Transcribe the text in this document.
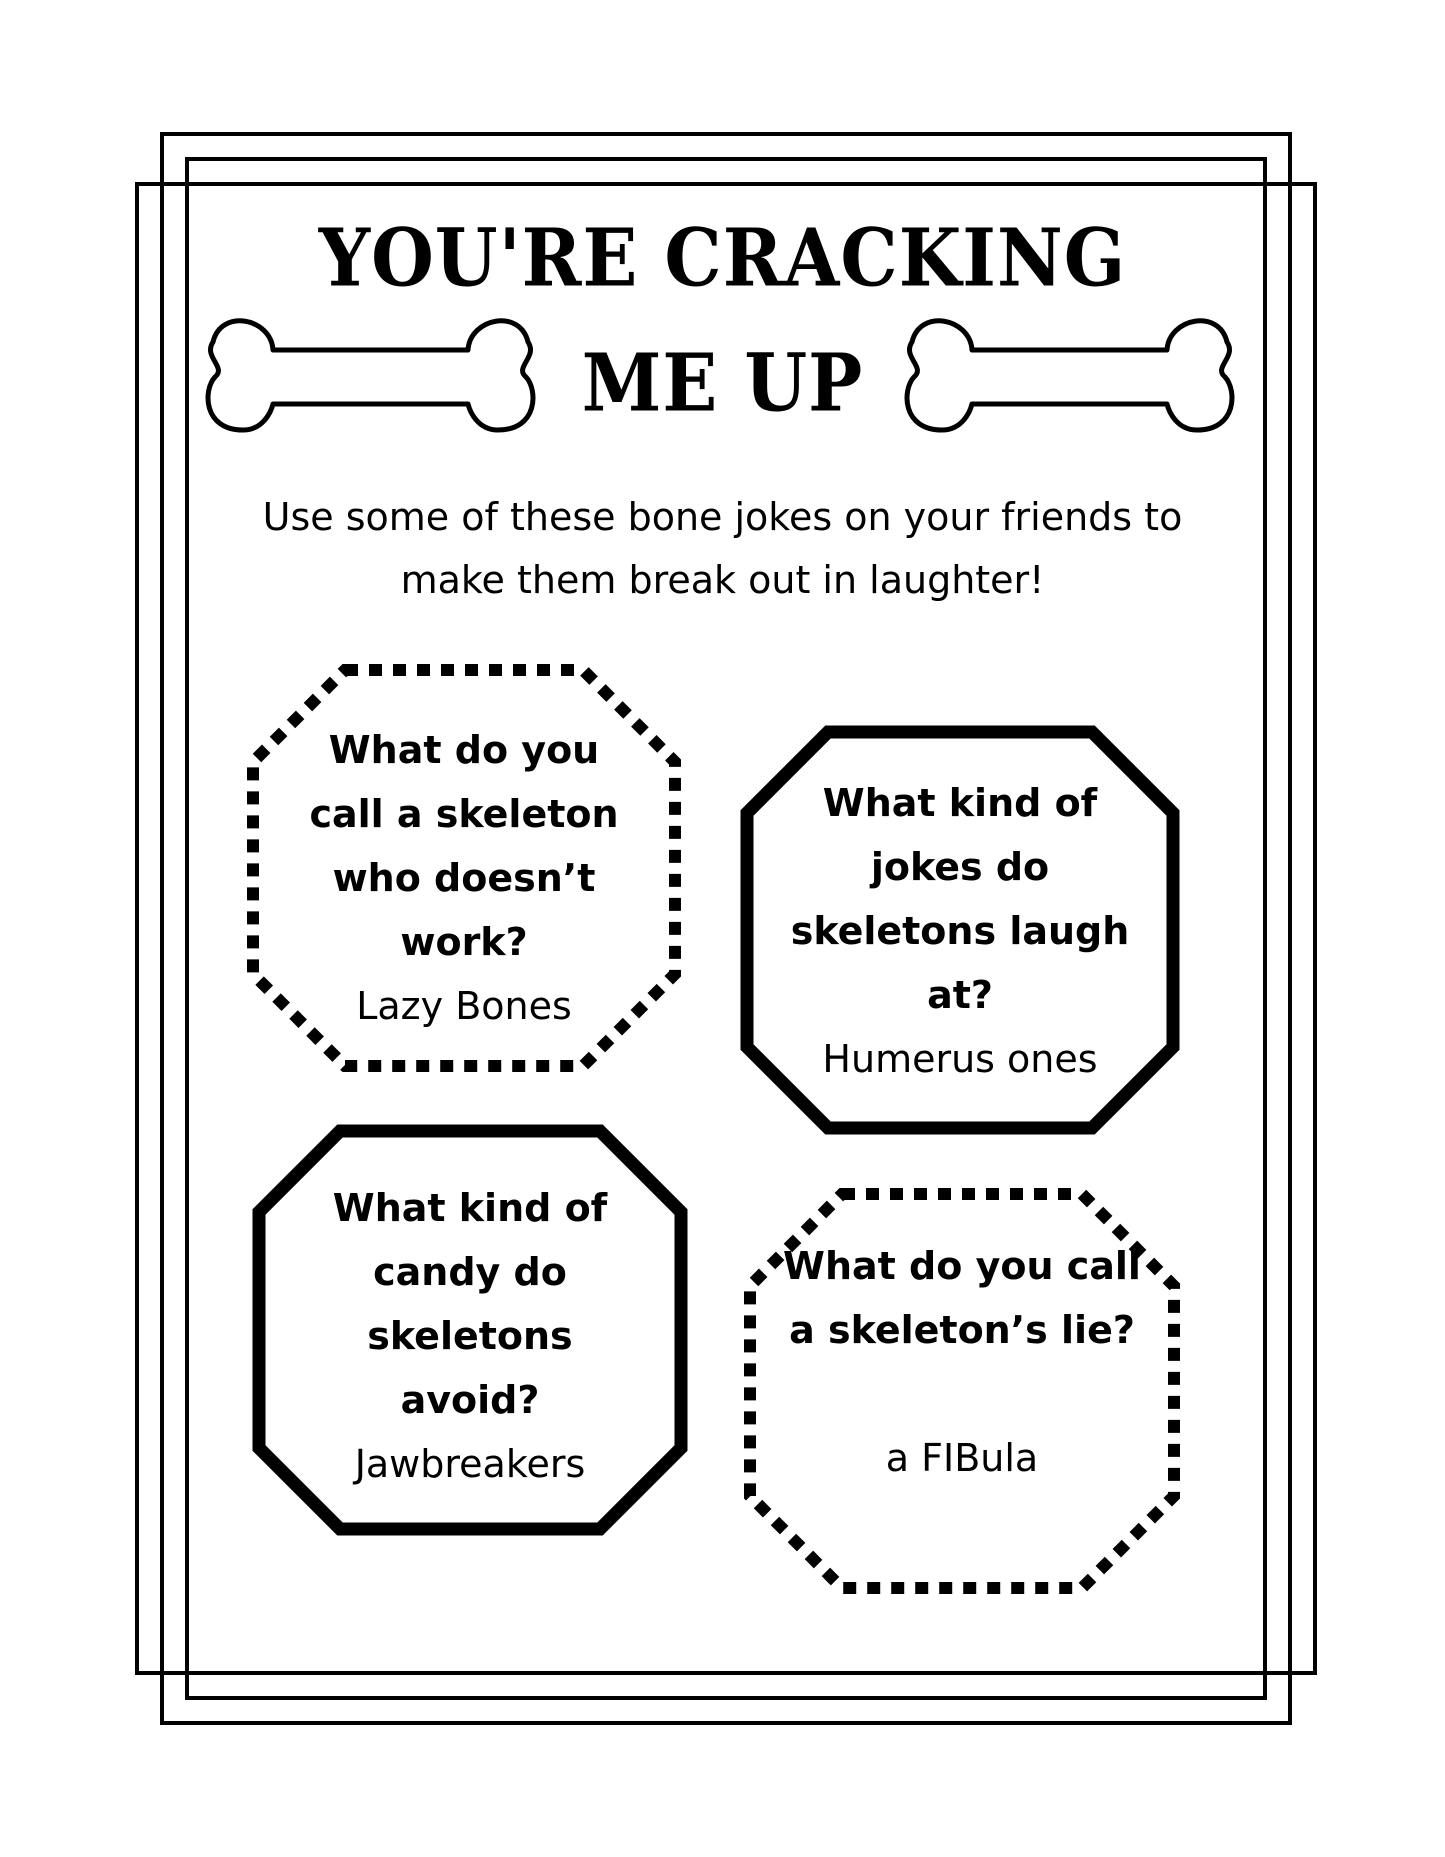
YOU'RE CRACKING
ME UP
Use some of these bone jokes on your friends to
make them break out in laughter!

What do you call a skeleton who doesn’t work?

Lazy Bones

What kind of jokes do skeletons laugh at?

Humerus ones

What kind of candy do skeletons avoid?

Jawbreakers

What do you call a skeleton’s lie?

a FIBula
